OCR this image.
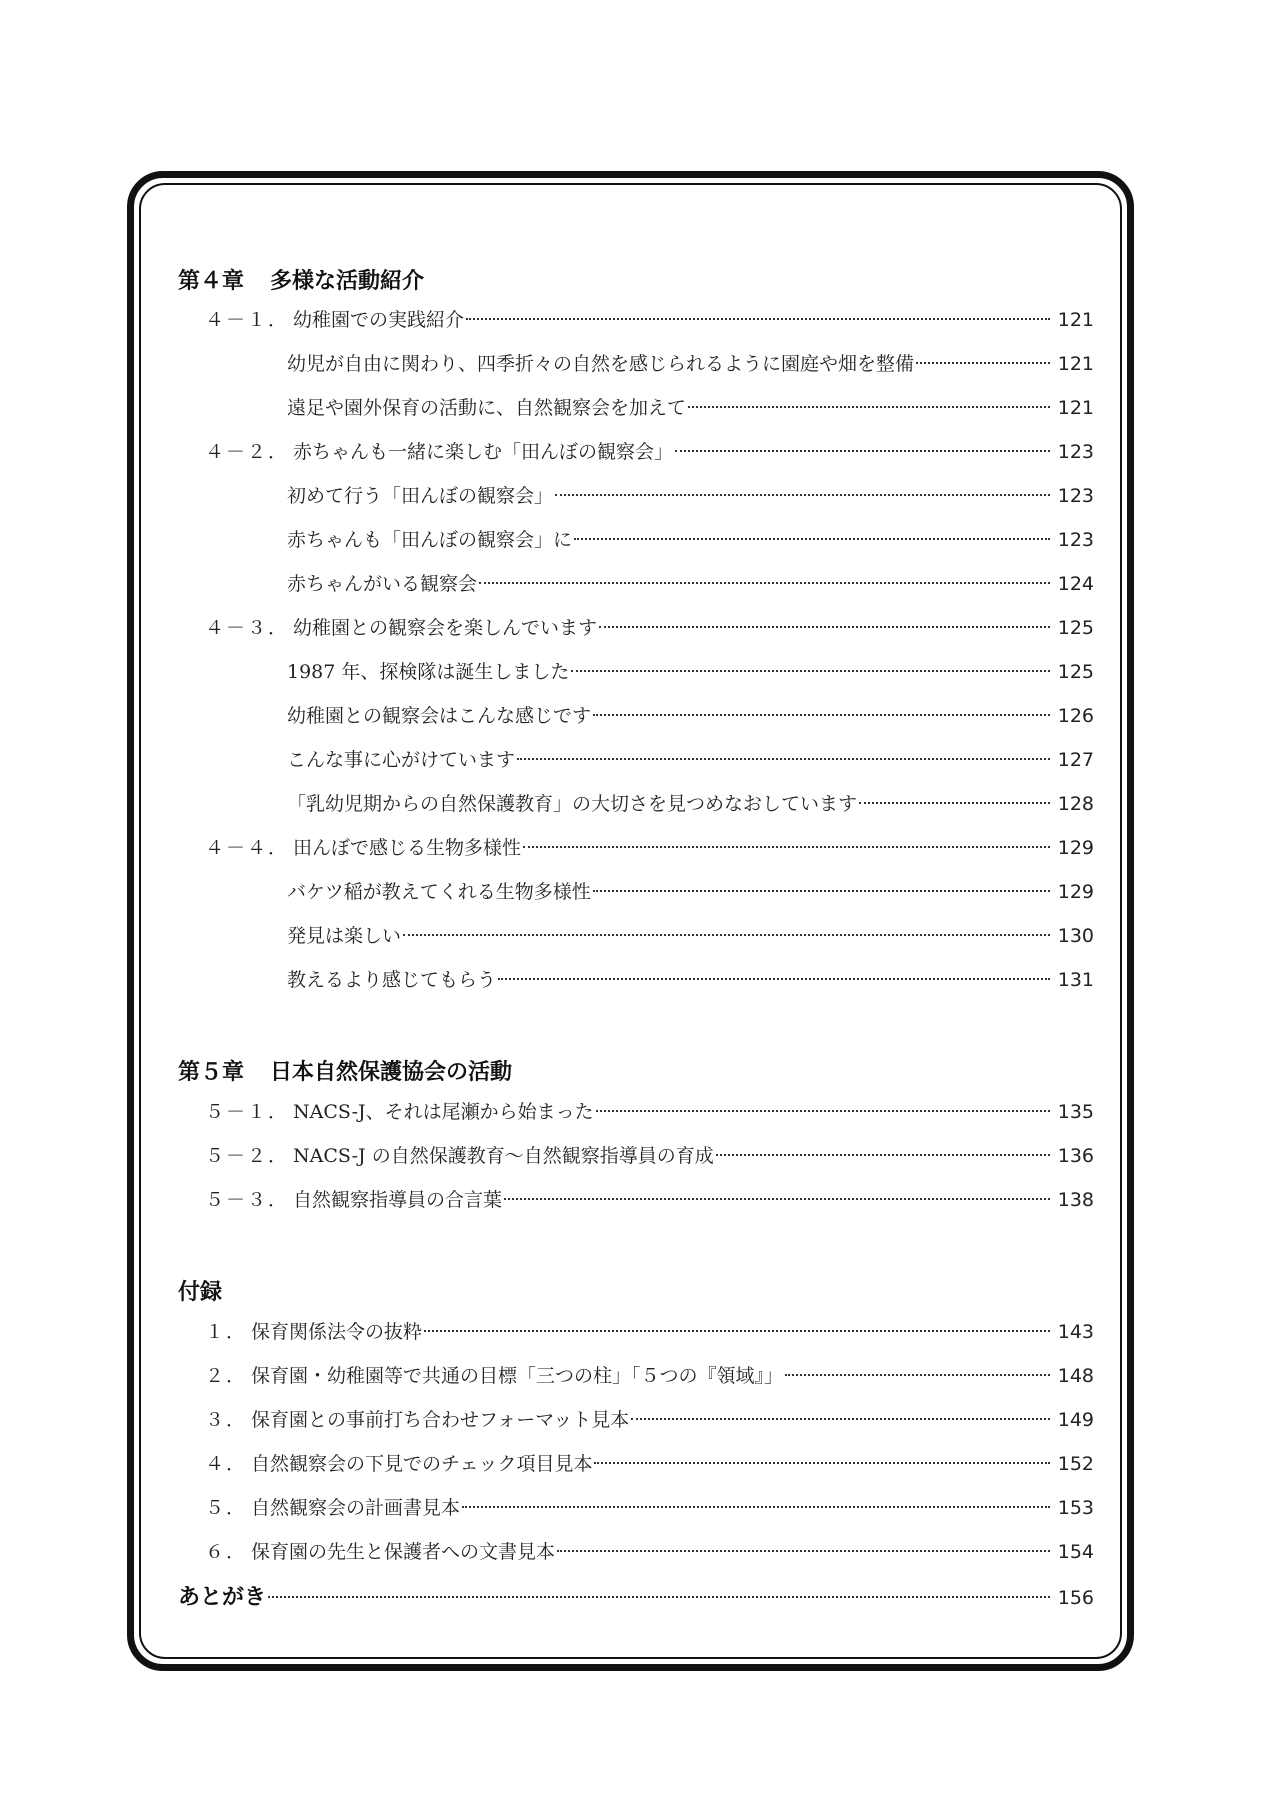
第４章 多様な活動紹介
４－１． 幼稚園での実践紹介	121
幼児が自由に関わり、四季折々の自然を感じられるように園庭や畑を整備	121
遠足や園外保育の活動に、自然観察会を加えて	121
４－２． 赤ちゃんも一緒に楽しむ「田んぼの観察会」	123
初めて行う「田んぼの観察会」	123
赤ちゃんも「田んぼの観察会」に	123
赤ちゃんがいる観察会	124
４－３． 幼稚園との観察会を楽しんでいます	125
1987 年、探検隊は誕生しました	125
幼稚園との観察会はこんな感じです	126
こんな事に心がけています	127
「乳幼児期からの自然保護教育」の大切さを見つめなおしています	128
４－４． 田んぼで感じる生物多様性	129
バケツ稲が教えてくれる生物多様性	129
発見は楽しい	130
教えるより感じてもらう	131
第５章 日本自然保護協会の活動
５－１． NACS-J、それは尾瀬から始まった	135
５－２． NACS-J の自然保護教育～自然観察指導員の育成	136
５－３． 自然観察指導員の合言葉	138
付録
１． 保育関係法令の抜粋	143
２． 保育園・幼稚園等で共通の目標「三つの柱」「５つの『領域』」	148
３． 保育園との事前打ち合わせフォーマット見本	149
４． 自然観察会の下見でのチェック項目見本	152
５． 自然観察会の計画書見本	153
６． 保育園の先生と保護者への文書見本	154
あとがき	156
